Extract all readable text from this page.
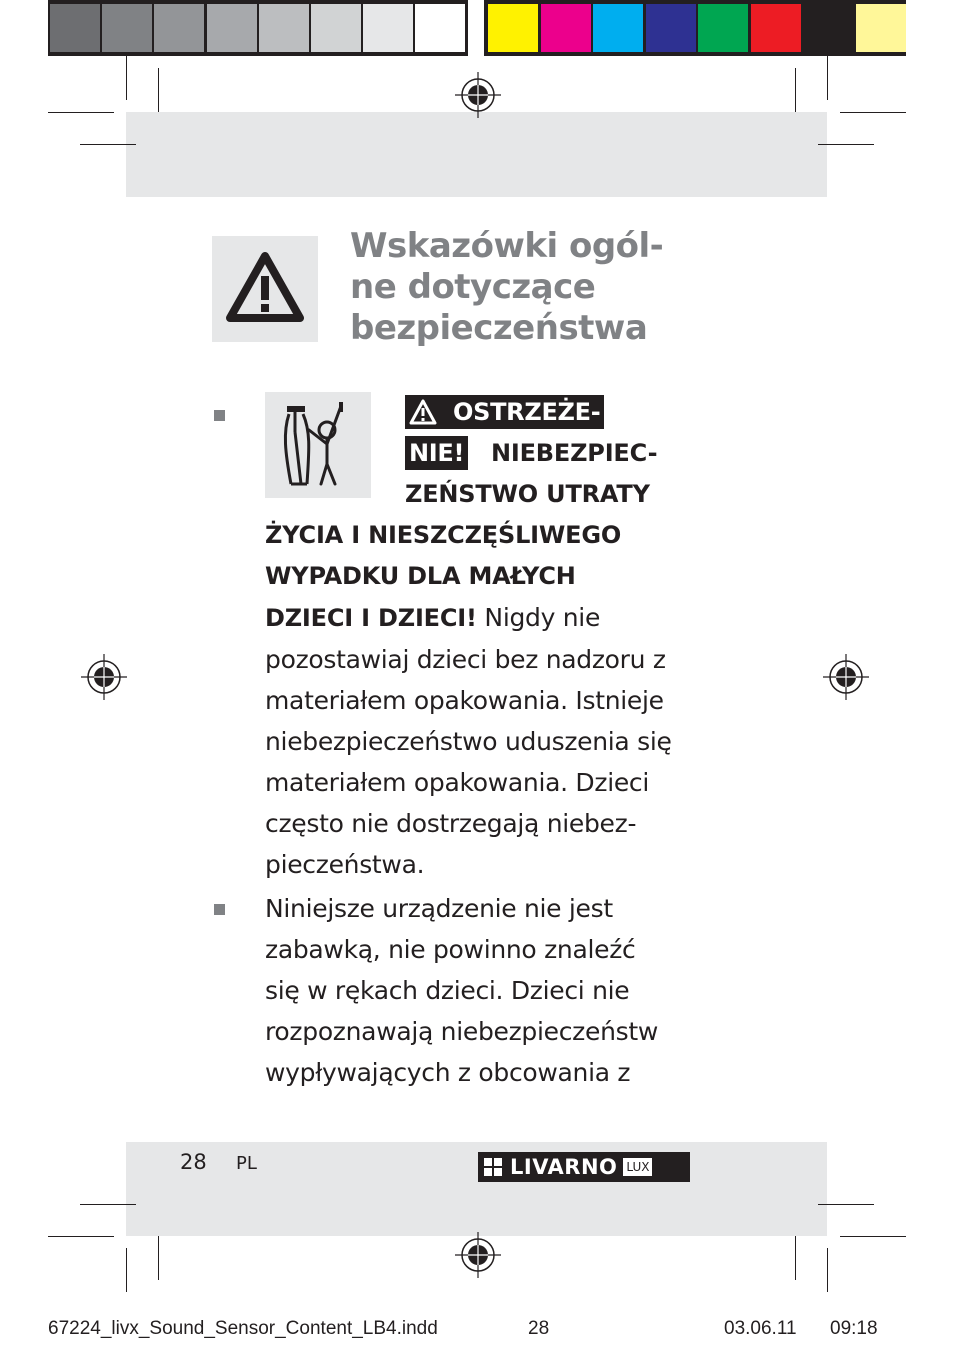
Wskazówki ogól-
ne dotyczące
bezpieczeństwa
OSTRZEŻE-
NIE! NIEBEZPIEC-
ZEŃSTWO UTRATY
ŻYCIA I NIESZCZĘŚLIWEGO
WYPADKU DLA MAŁYCH
DZIECI I DZIECI! Nigdy nie
pozostawiaj dzieci bez nadzoru z
materiałem opakowania. Istnieje
niebezpieczeństwo uduszenia się
materiałem opakowania. Dzieci
często nie dostrzegają niebez-
pieczeństwa.
Niniejsze urządzenie nie jest
zabawką, nie powinno znaleźć
się w rękach dzieci. Dzieci nie
rozpoznawają niebezpieczeństw
wypływających z obcowania z
28 PL	LIVARNO LUX
67224_livx_Sound_Sensor_Content_LB4.indd	28	03.06.11 09:18
